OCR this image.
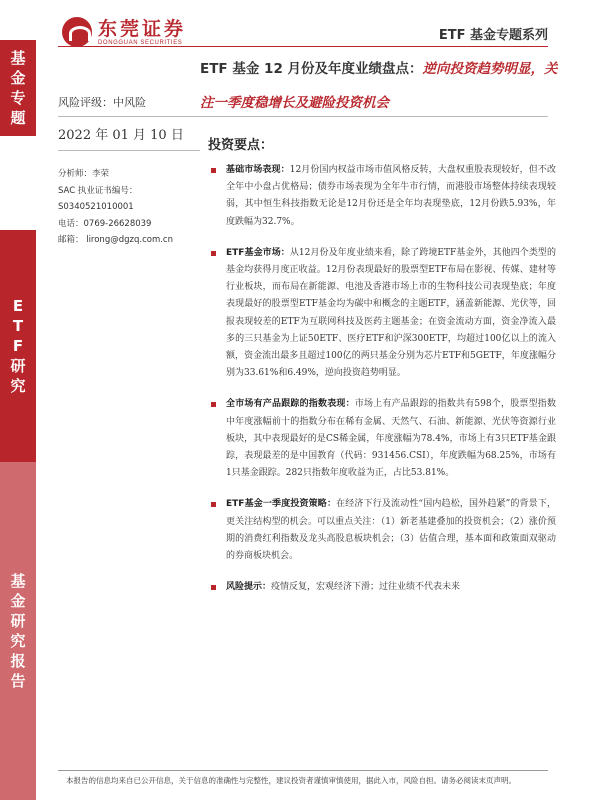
基
金
专
题
E
T
F
研
究
基
金
研
究
报
告
东莞证券
DONGGUAN SECURITIES	ETF 基金专题系列
ETF 基金 12 月份及年度业绩盘点：逆向投资趋势明显，关注一季度稳增长及避险投资机会
风险评级：中风险
2022 年 01 月 10 日
分析师：李荣
SAC 执业证书编号：
S0340521010001
电话：0769-26628039
邮箱： lirong@dgzq.com.cn
投资要点：
基础市场表现：12月份国内权益市场市值风格反转，大盘权重股表现较好，但不改全年中小盘占优格局；债券市场表现为全年牛市行情，而港股市场整体持续表现较弱，其中恒生科技指数无论是12月份还是全年均表现垫底，12月份跌5.93%，年度跌幅为32.7%。
ETF基金市场：从12月份及年度业绩来看，除了跨境ETF基金外，其他四个类型的基金均获得月度正收益。12月份表现最好的股票型ETF布局在影视、传媒、建材等行业板块，而布局在新能源、电池及香港市场上市的生物科技公司表现垫底；年度表现最好的股票型ETF基金均为碳中和概念的主题ETF，涵盖新能源、光伏等，回报表现较差的ETF为互联网科技及医药主题基金；在资金流动方面，资金净流入最多的三只基金为上证50ETF、医疗ETF和沪深300ETF，均超过100亿以上的流入额，资金流出最多且超过100亿的两只基金分别为芯片ETF和5GETF，年度涨幅分别为33.61%和6.49%，逆向投资趋势明显。
全市场有产品跟踪的指数表现：市场上有产品跟踪的指数共有598个，股票型指数中年度涨幅前十的指数分布在稀有金属、天然气、石油、新能源、光伏等资源行业板块，其中表现最好的是CS稀金属，年度涨幅为78.4%，市场上有3只ETF基金跟踪，表现最差的是中国教育（代码：931456.CSI），年度跌幅为68.25%，市场有1只基金跟踪。282只指数年度收益为正，占比53.81%。
ETF基金一季度投资策略：在经济下行及流动性“国内趋松，国外趋紧”的背景下，更关注结构型的机会。可以重点关注：（1）新老基建叠加的投资机会；（2）涨价预期的消费红利指数及龙头高股息板块机会；（3）估值合理，基本面和政策面双驱动的券商板块机会。
风险提示：疫情反复，宏观经济下滑；过往业绩不代表未来
本报告的信息均来自已公开信息，关于信息的准确性与完整性，建议投资者谨慎审慎使用，据此入市，风险自担。请务必阅读末页声明。
